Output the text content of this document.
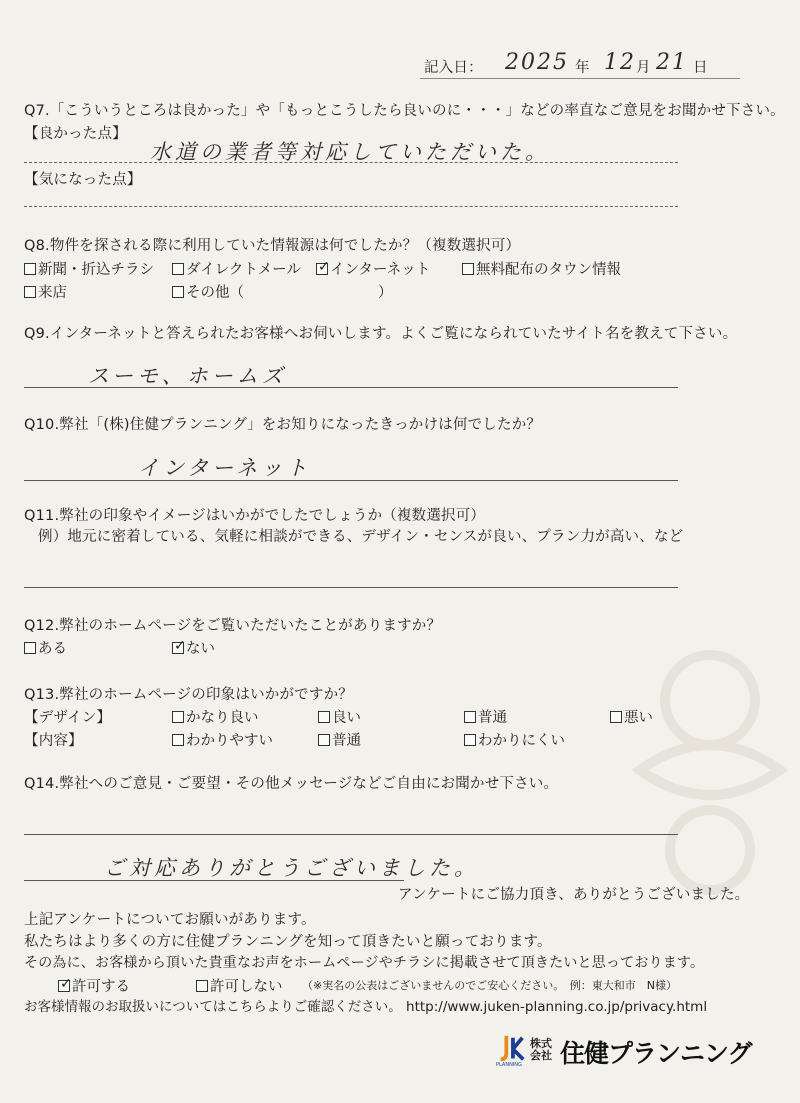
記入日： 2025 年 12 月 21 日
Q7.「こういうところは良かった」や「もっとこうしたら良いのに・・・」などの率直なご意見をお聞かせ下さい。
【良かった点】
水道の業者等対応していただいた。
【気になった点】
Q8.物件を探される際に利用していた情報源は何でしたか？（複数選択可）
新聞・折込チラシ	ダイレクトメール ✓ インターネット	無料配布のタウン情報
来店	その他（	）
Q9.インターネットと答えられたお客様へお伺いします。よくご覧になられていたサイト名を教えて下さい。
スーモ、ホームズ
Q10.弊社「(株)住健プランニング」をお知りになったきっかけは何でしたか？
インターネット
Q11.弊社の印象やイメージはいかがでしたでしょうか（複数選択可）
例）地元に密着している、気軽に相談ができる、デザイン・センスが良い、プラン力が高い、など
Q12.弊社のホームページをご覧いただいたことがありますか？
ある	✓ ない
Q13.弊社のホームページの印象はいかがですか？
【デザイン】	かなり良い	良い	普通	悪い
【内容】	わかりやすい	普通	わかりにくい
Q14.弊社へのご意見・ご要望・その他メッセージなどご自由にお聞かせ下さい。
ご対応ありがとうございました。
アンケートにご協力頂き、ありがとうございました。
上記アンケートについてお願いがあります。
私たちはより多くの方に住健プランニングを知って頂きたいと願っております。
その為に、お客様から頂いた貴重なお声をホームページやチラシに掲載させて頂きたいと思っております。
✓ 許可する	許可しない （※実名の公表はございませんのでご安心ください。　例：東大和市　N様）
お客様情報のお取扱いについてはこちらよりご確認ください。 http://www.juken-planning.co.jp/privacy.html
PLANNING
株式会社 住健プランニング
